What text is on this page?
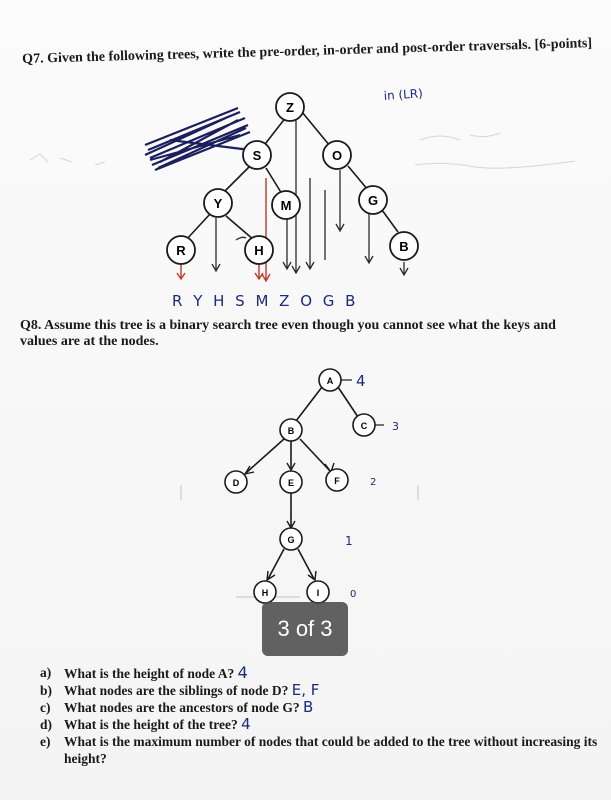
Q7. Given the following trees, write the pre-order, in-order and post-order traversals. [6-points]
Z
S	O
Y	M	G
R	H	B
in (LR)
R Y H S M Z O G B
Q8. Assume this tree is a binary search tree even though you cannot see what the keys and values are at the nodes.
A
B	C
D	E	F
G
H	I
4
3
2
1
0
3 of 3
a) What is the height of node A? 4
b) What nodes are the siblings of node D? E, F
c)	What nodes are the ancestors of node G? B
d) What is the height of the tree? 4
e)	What is the maximum number of nodes that could be added to the tree without increasing its height?
